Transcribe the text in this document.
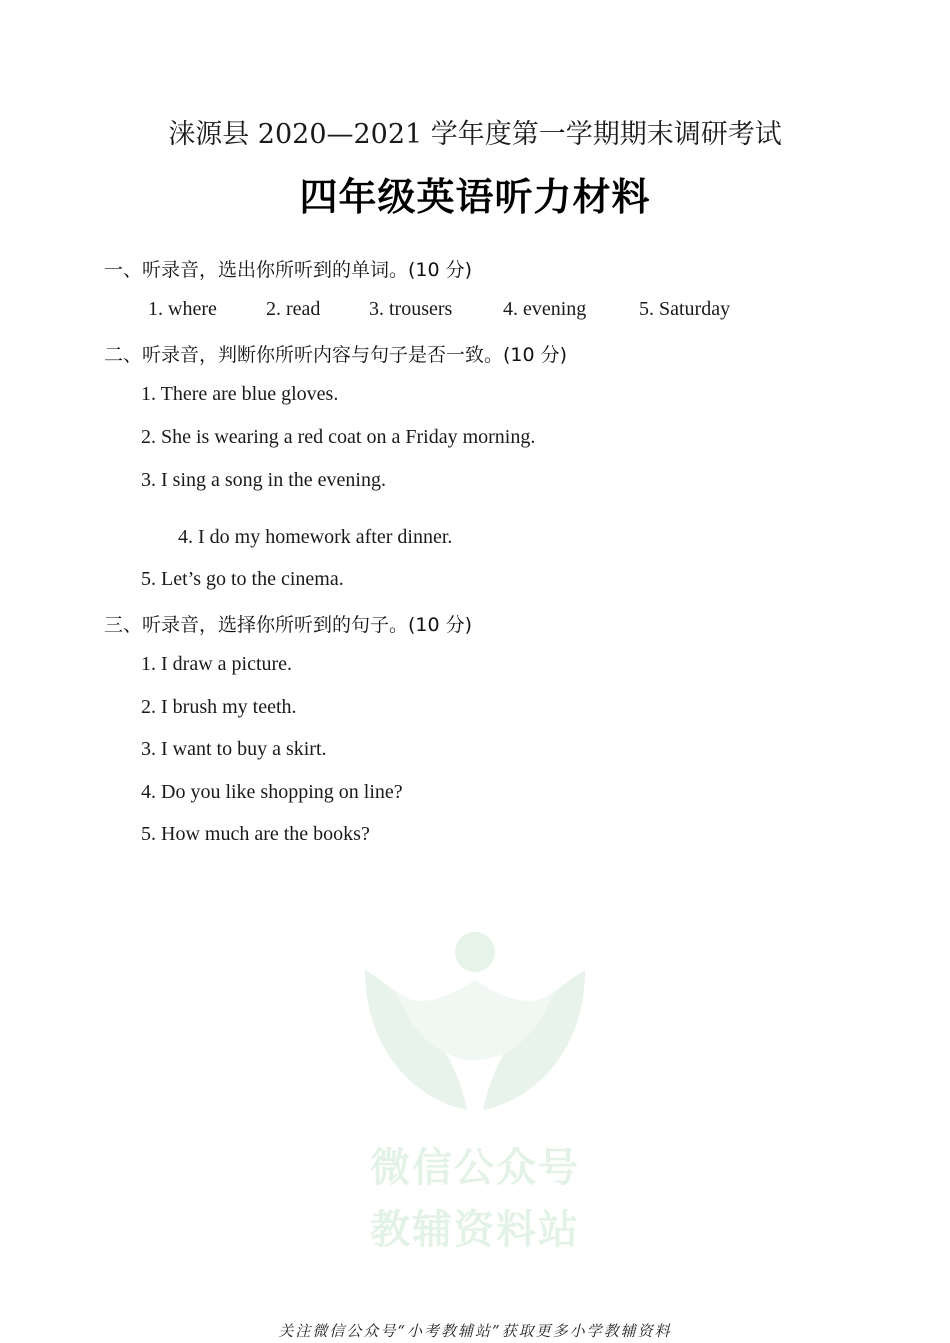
涞源县 2020—2021 学年度第一学期期末调研考试
四年级英语听力材料
微信公众号
教辅资料站
一、听录音，选出你所听到的单词。(10 分)
1. where 2. read 3. trousers	4. evening	5. Saturday
二、听录音，判断你所听内容与句子是否一致。(10 分)
1. There are blue gloves.
2. She is wearing a red coat on a Friday morning.
3. I sing a song in the evening.
4. I do my homework after dinner.
5. Let’s go to the cinema.
三、听录音，选择你所听到的句子。(10 分)
1. I draw a picture.
2. I brush my teeth.
3. I want to buy a skirt.
4. Do you like shopping on line?
5. How much are the books?
关注微信公众号“小考教辅站”获取更多小学教辅资料
